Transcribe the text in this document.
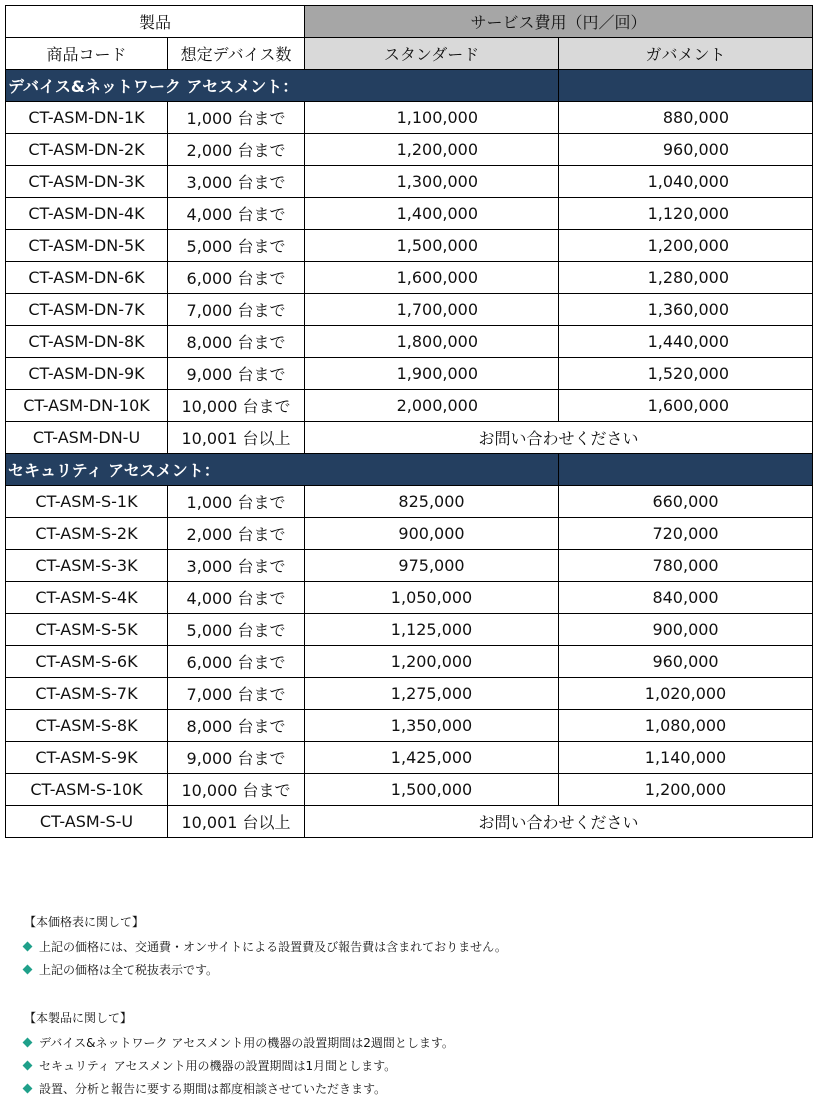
製品		サービス費用（円／回）	
商品コード	想定デバイス数	スタンダード	ガバメント
デバイス&ネットワーク アセスメント：			
CT-ASM-DN-1K	1,000 台まで	1,100,000	880,000
CT-ASM-DN-2K	2,000 台まで	1,200,000	960,000
CT-ASM-DN-3K	3,000 台まで	1,300,000	1,040,000
CT-ASM-DN-4K	4,000 台まで	1,400,000	1,120,000
CT-ASM-DN-5K	5,000 台まで	1,500,000	1,200,000
CT-ASM-DN-6K	6,000 台まで	1,600,000	1,280,000
CT-ASM-DN-7K	7,000 台まで	1,700,000	1,360,000
CT-ASM-DN-8K	8,000 台まで	1,800,000	1,440,000
CT-ASM-DN-9K	9,000 台まで	1,900,000	1,520,000
CT-ASM-DN-10K	10,000 台まで	2,000,000	1,600,000
CT-ASM-DN-U	10,001 台以上	お問い合わせください	
セキュリティ アセスメント：			
CT-ASM-S-1K	1,000 台まで	825,000	660,000
CT-ASM-S-2K	2,000 台まで	900,000	720,000
CT-ASM-S-3K	3,000 台まで	975,000	780,000
CT-ASM-S-4K	4,000 台まで	1,050,000	840,000
CT-ASM-S-5K	5,000 台まで	1,125,000	900,000
CT-ASM-S-6K	6,000 台まで	1,200,000	960,000
CT-ASM-S-7K	7,000 台まで	1,275,000	1,020,000
CT-ASM-S-8K	8,000 台まで	1,350,000	1,080,000
CT-ASM-S-9K	9,000 台まで	1,425,000	1,140,000
CT-ASM-S-10K	10,000 台まで	1,500,000	1,200,000
CT-ASM-S-U	10,001 台以上	お問い合わせください	
【本価格表に関して】
上記の価格には、交通費・オンサイトによる設置費及び報告費は含まれておりません。
上記の価格は全て税抜表示です。
【本製品に関して】
デバイス&ネットワーク アセスメント用の機器の設置期間は2週間とします。
セキュリティ アセスメント用の機器の設置期間は1月間とします。
設置、分析と報告に要する期間は都度相談させていただきます。
